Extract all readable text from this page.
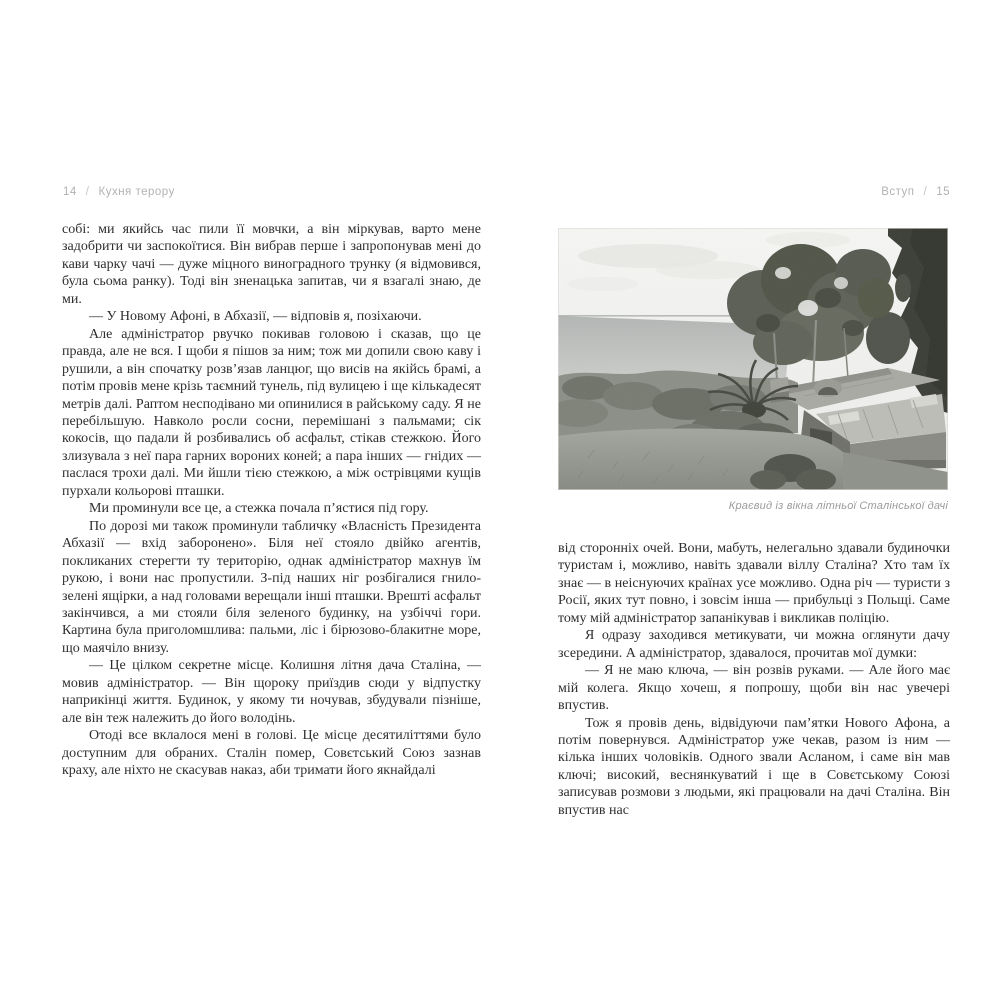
14 / Кухня терору	Вступ / 15

собі: ми якийсь час пили її мовчки, а він міркував, варто мене задобрити чи заспокоїтися. Він вибрав перше і запропонував мені до кави чарку чачі — дуже міцного виноградного трунку (я відмовився, була сьома ранку). Тоді він зненацька запитав, чи я взагалі знаю, де ми.

— У Новому Афоні, в Абхазії, — відповів я, позіхаючи.

Але адміністратор рвучко покивав головою і сказав, що це правда, але не вся. І щоби я пішов за ним; тож ми допили свою каву і рушили, а він спочатку розв’язав ланцюг, що висів на якійсь брамі, а потім провів мене крізь таємний тунель, під вулицею і ще кількадесят метрів далі. Раптом несподівано ми опинилися в райському саду. Я не перебільшую. Навколо росли сосни, перемішані з пальмами; сік кокосів, що падали й розбивались об асфальт, стікав стежкою. Його злизувала з неї пара гарних вороних коней; а пара інших — гнідих — паслася трохи далі. Ми йшли тією стежкою, а між острівцями кущів пурхали кольорові пташки.

Ми проминули все це, а стежка почала п’ястися під гору.

По дорозі ми також проминули табличку «Власність Президента Абхазії — вхід заборонено». Біля неї стояло двійко агентів, покликаних стерегти ту територію, однак адміністратор махнув їм рукою, і вони нас пропустили. З-під наших ніг розбігалися гнило-зелені ящірки, а над головами верещали інші пташки. Врешті асфальт закінчився, а ми стояли біля зеленого будинку, на узбіччі гори. Картина була приголомшлива: пальми, ліс і бірюзово-блакитне море, що маячіло внизу.

— Це цілком секретне місце. Колишня літня дача Сталіна, — мовив адміністратор. — Він щороку приїздив сюди у відпустку наприкінці життя. Будинок, у якому ти ночував, збудували пізніше, але він теж належить до його володінь.

Отоді все вклалося мені в голові. Це місце десятиліттями було доступним для обраних. Сталін помер, Совєтський Союз зазнав краху, але ніхто не скасував наказ, аби тримати його якнайдалі

Краєвид із вікна літньої Сталінської дачі

від сторонніх очей. Вони, мабуть, нелегально здавали будиночки туристам і, можливо, навіть здавали віллу Сталіна? Хто там їх знає — в неіснуючих країнах усе можливо. Одна річ — туристи з Росії, яких тут повно, і зовсім інша — прибульці з Польщі. Саме тому мій адміністратор запанікував і викликав поліцію.

Я одразу заходився метикувати, чи можна оглянути дачу зсередини. А адміністратор, здавалося, прочитав мої думки:

— Я не маю ключа, — він розвів руками. — Але його має мій колега. Якщо хочеш, я попрошу, щоби він нас увечері впустив.

Тож я провів день, відвідуючи пам’ятки Нового Афона, а потім повернувся. Адміністратор уже чекав, разом із ним — кілька інших чоловіків. Одного звали Асланом, і саме він мав ключі; високий, веснянкуватий і ще в Совєтському Союзі записував розмови з людьми, які працювали на дачі Сталіна. Він впустив нас
